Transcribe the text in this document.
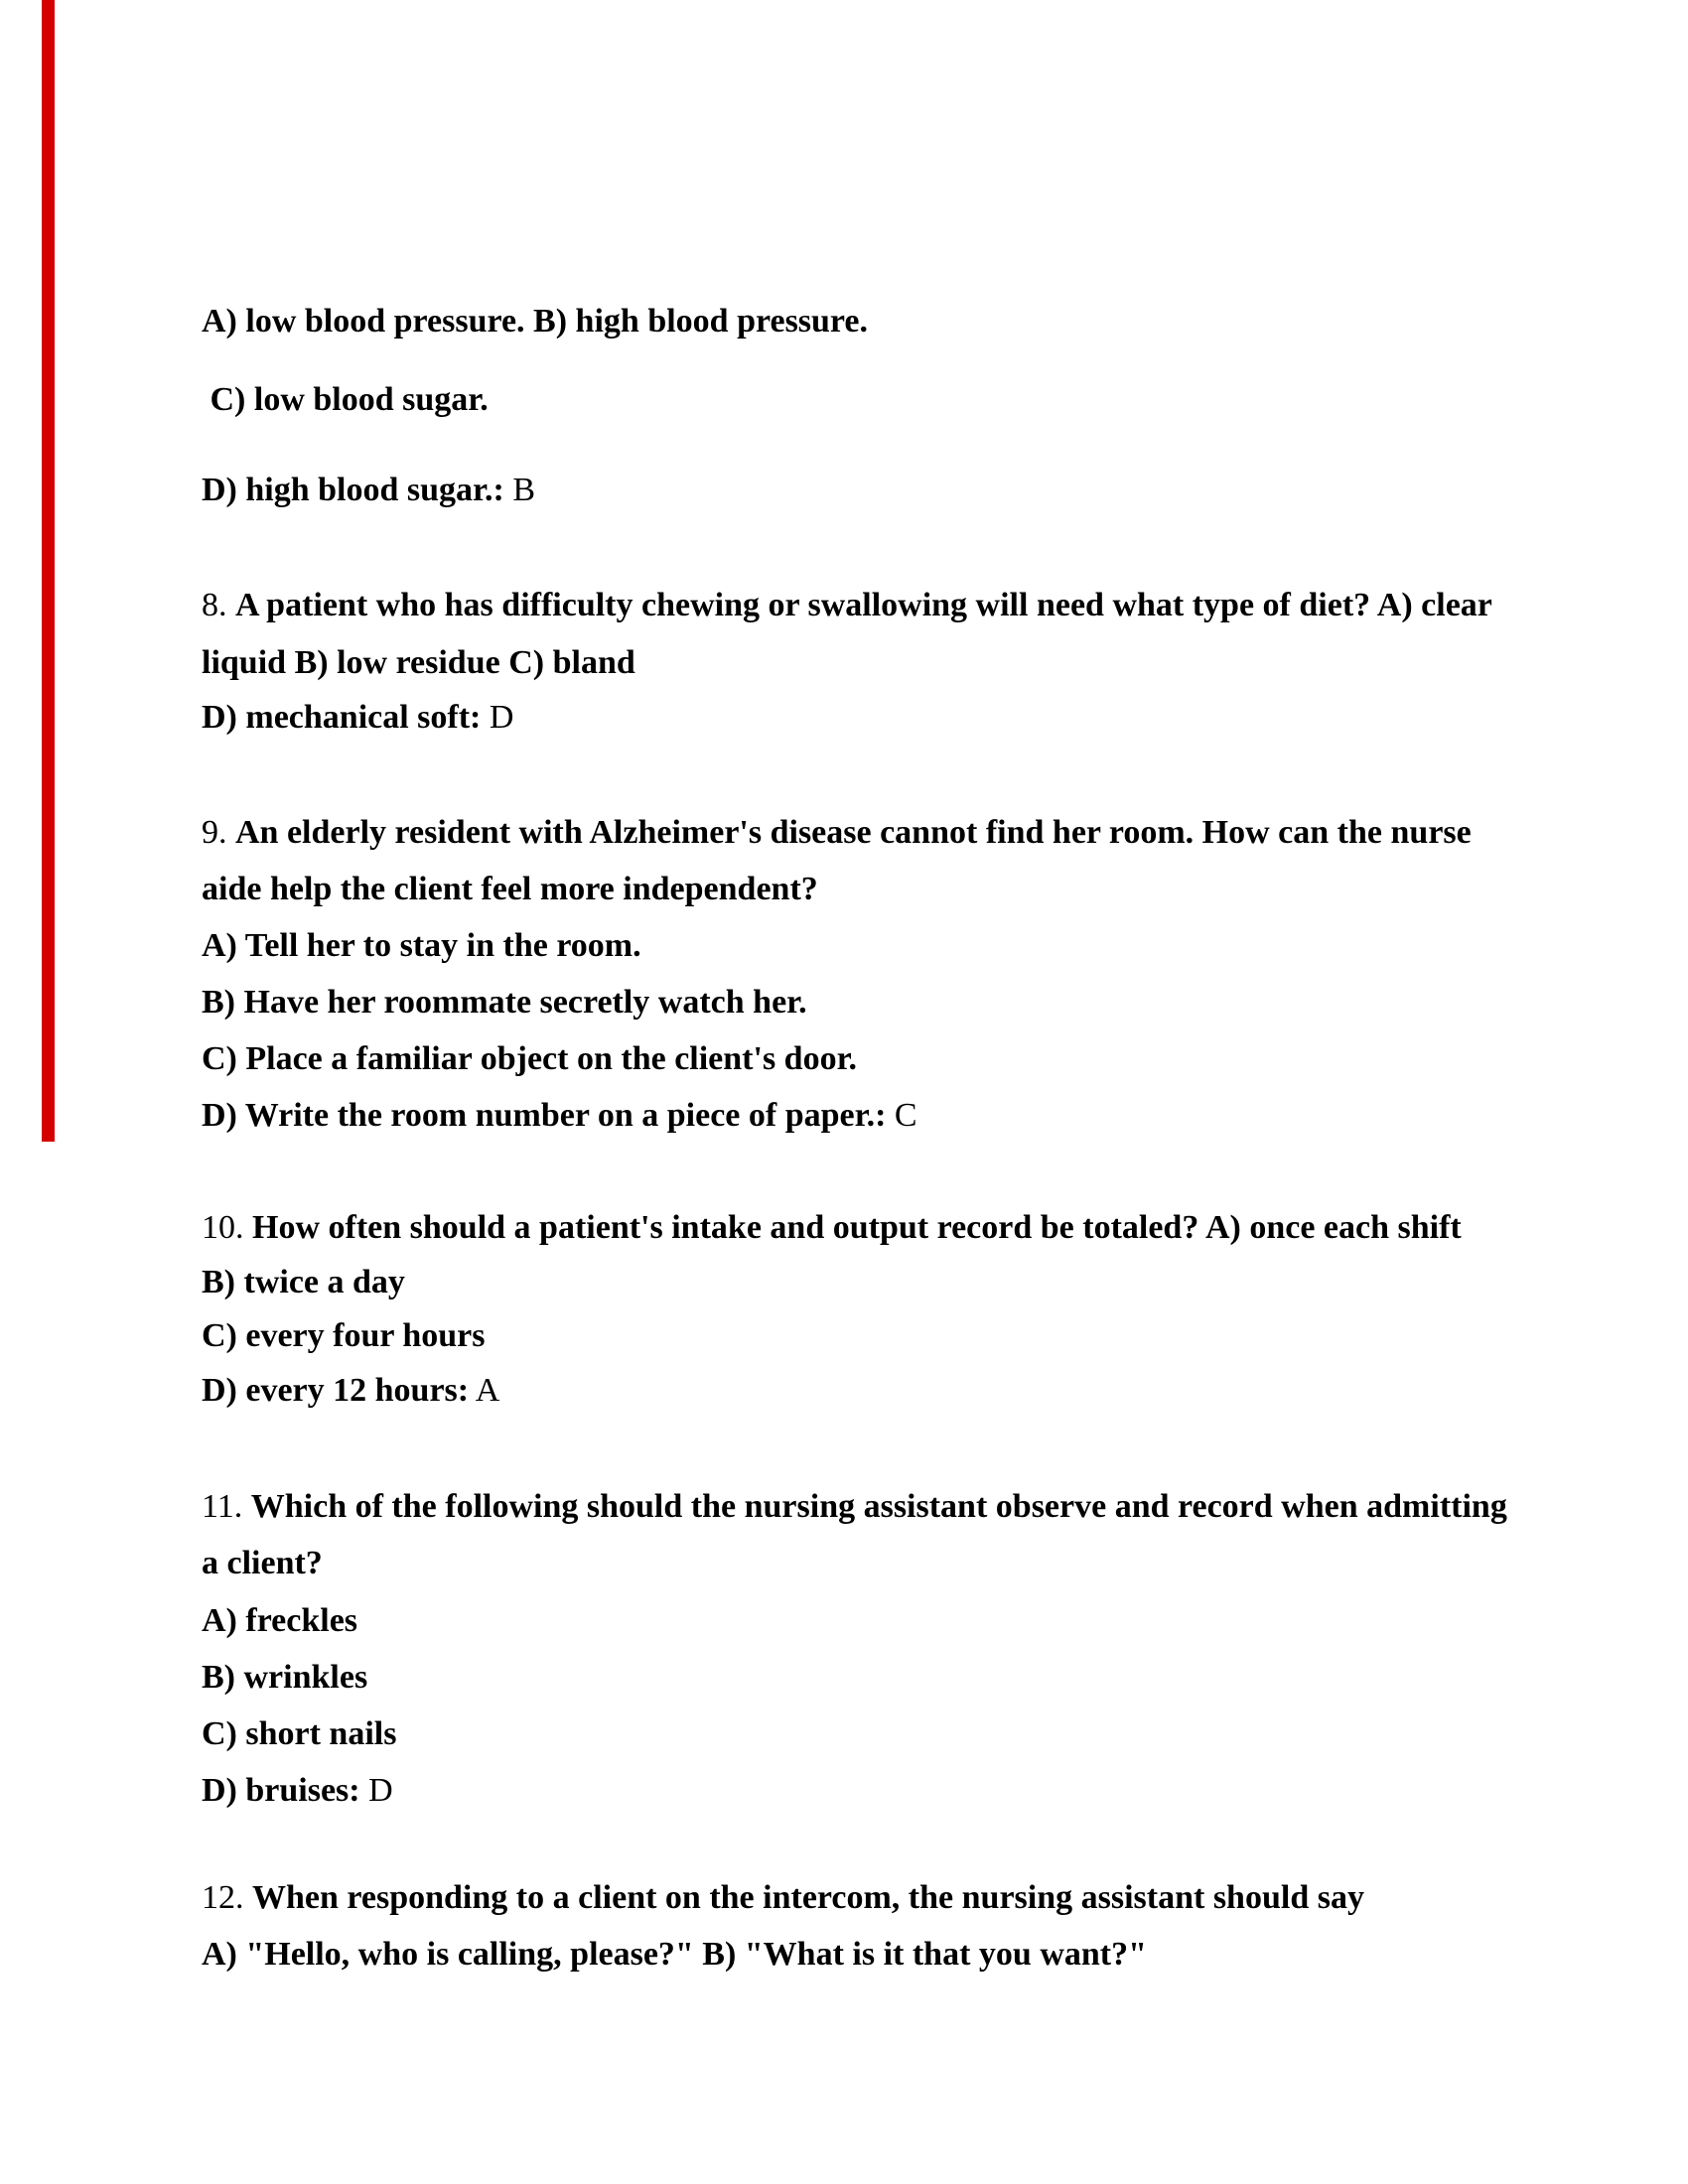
A) low blood pressure. B) high blood pressure.
C) low blood sugar.
D) high blood sugar.: B
8. A patient who has difficulty chewing or swallowing will need what type of diet? A) clear
liquid B) low residue C) bland
D) mechanical soft: D
9. An elderly resident with Alzheimer's disease cannot find her room. How can the nurse
aide help the client feel more independent?
A) Tell her to stay in the room.
B) Have her roommate secretly watch her.
C) Place a familiar object on the client's door.
D) Write the room number on a piece of paper.: C
10. How often should a patient's intake and output record be totaled? A) once each shift
B) twice a day
C) every four hours
D) every 12 hours: A
11. Which of the following should the nursing assistant observe and record when admitting
a client?
A) freckles
B) wrinkles
C) short nails
D) bruises: D
12. When responding to a client on the intercom, the nursing assistant should say
A) "Hello, who is calling, please?" B) "What is it that you want?"
